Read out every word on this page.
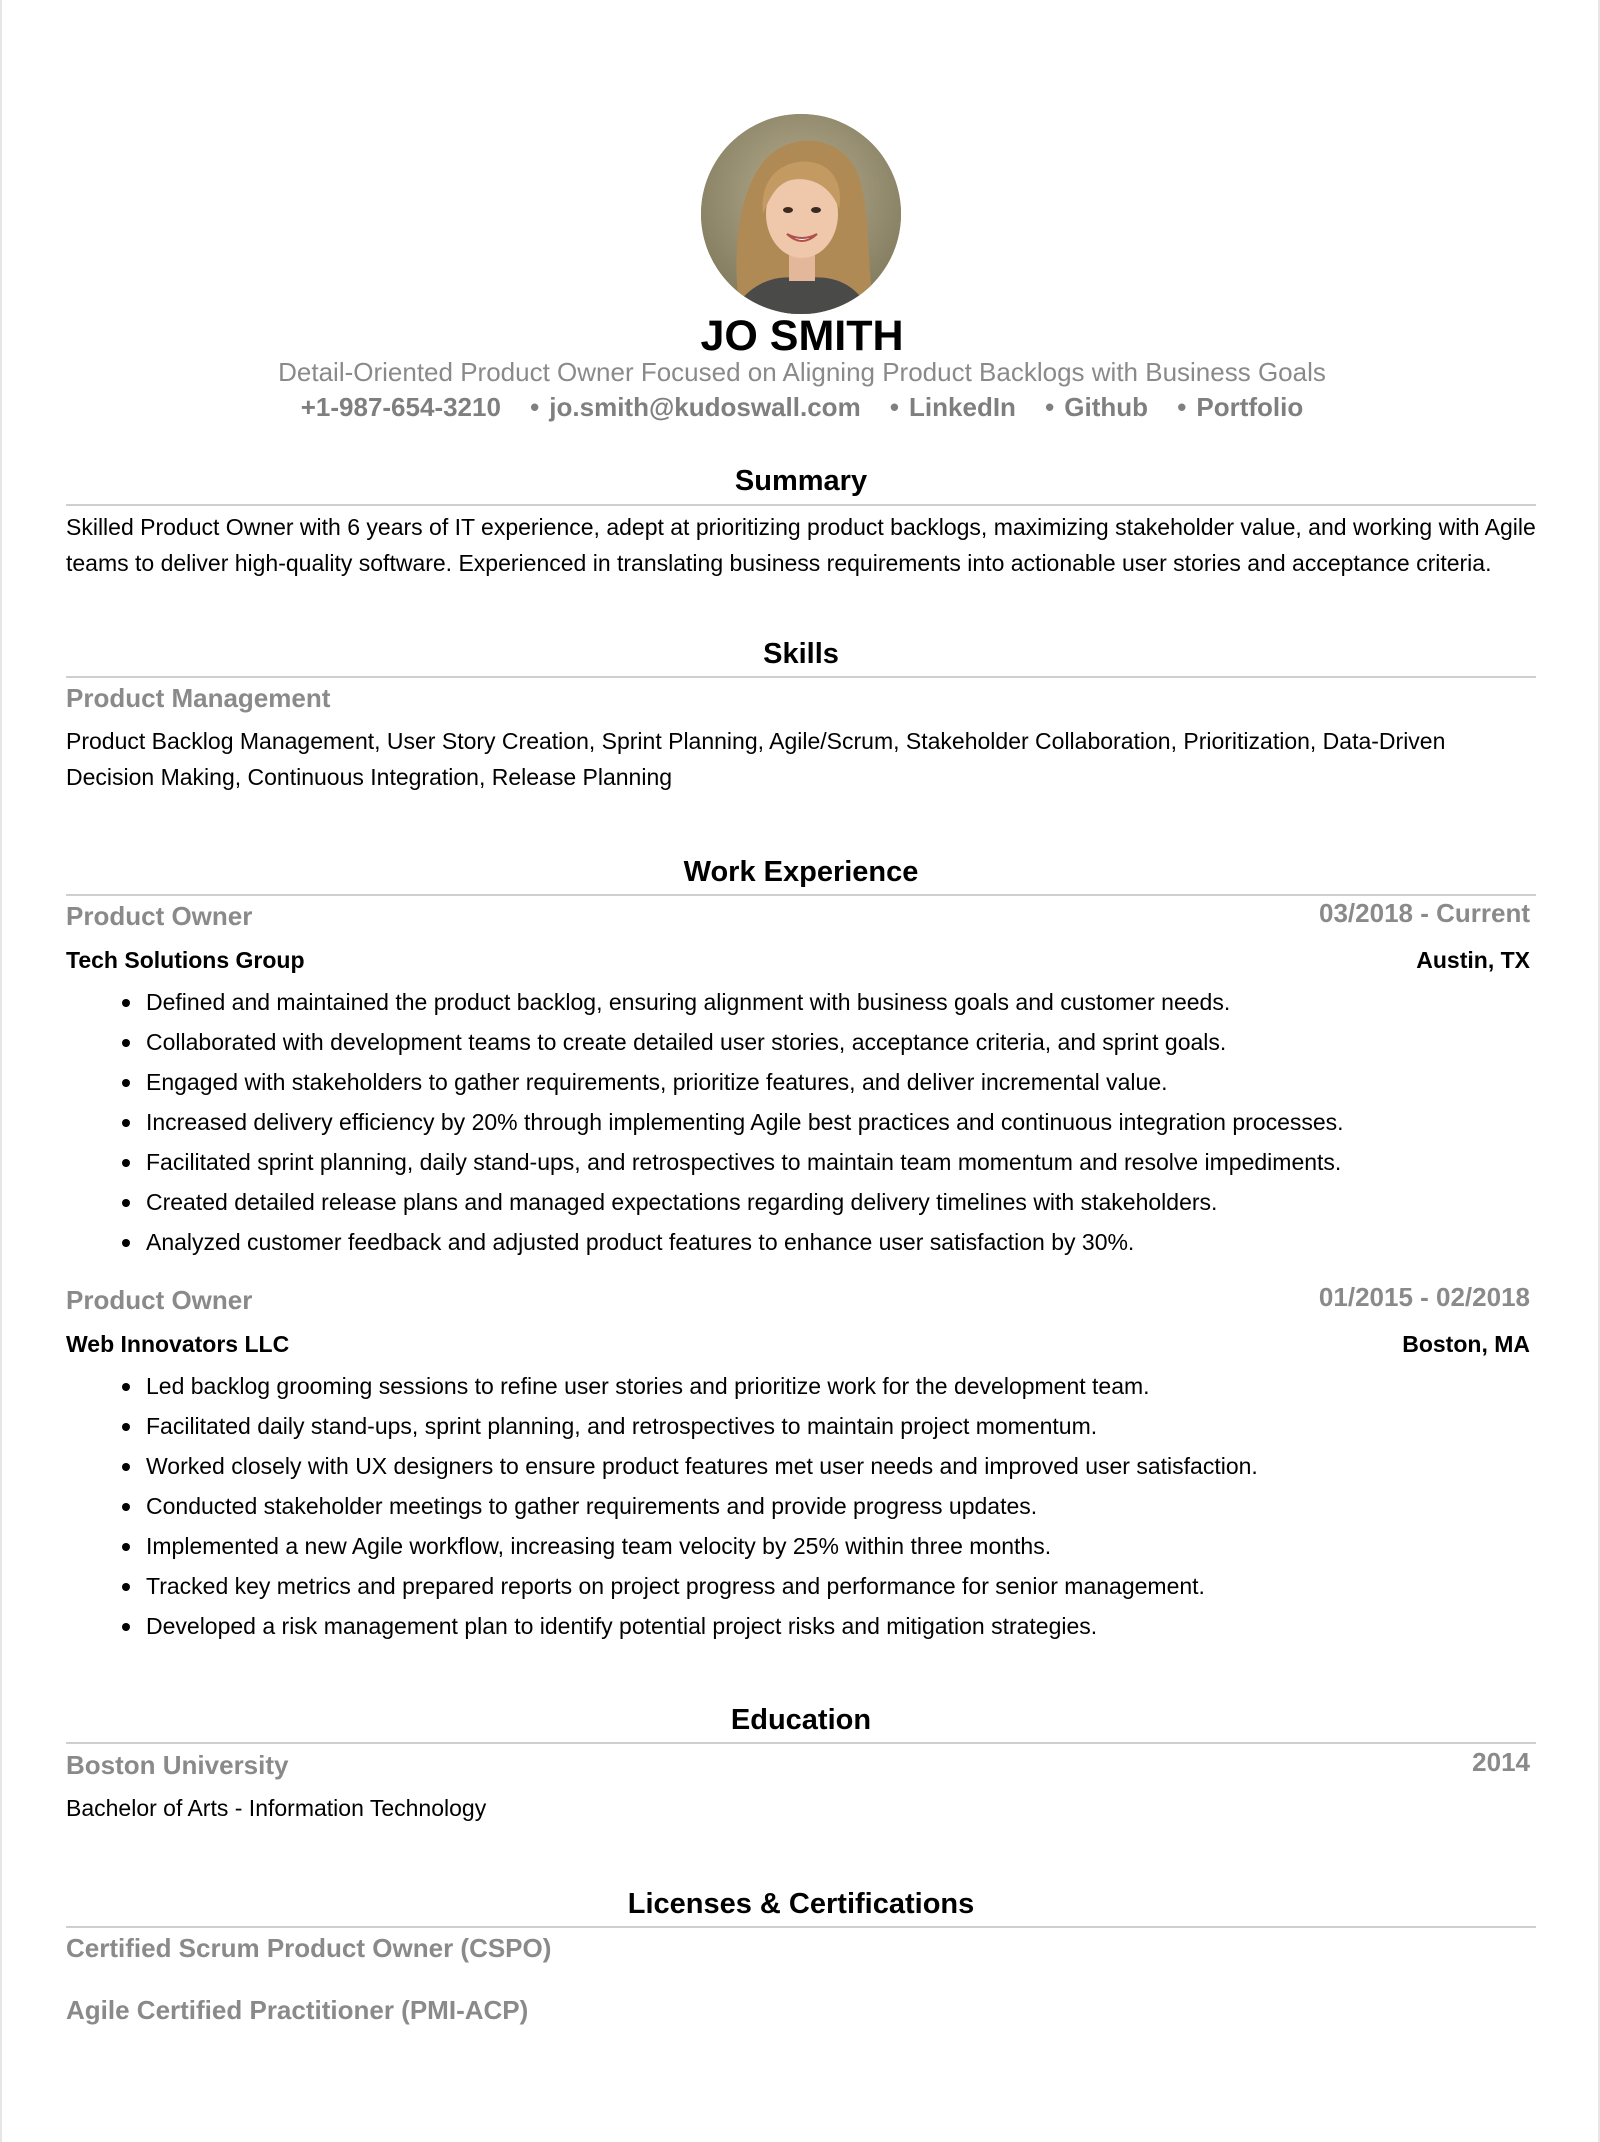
JO SMITH
Detail-Oriented Product Owner Focused on Aligning Product Backlogs with Business Goals
+1-987-654-3210 • jo.smith@kudoswall.com • LinkedIn • Github • Portfolio
Summary
Skilled Product Owner with 6 years of IT experience, adept at prioritizing product backlogs, maximizing stakeholder value, and working with Agile teams to deliver high-quality software. Experienced in translating business requirements into actionable user stories and acceptance criteria.
Skills
Product Management
Product Backlog Management, User Story Creation, Sprint Planning, Agile/Scrum, Stakeholder Collaboration, Prioritization, Data-Driven Decision Making, Continuous Integration, Release Planning
Work Experience
Product Owner	03/2018 - Current
Tech Solutions Group	Austin, TX
Defined and maintained the product backlog, ensuring alignment with business goals and customer needs.
Collaborated with development teams to create detailed user stories, acceptance criteria, and sprint goals.
Engaged with stakeholders to gather requirements, prioritize features, and deliver incremental value.
Increased delivery efficiency by 20% through implementing Agile best practices and continuous integration processes.
Facilitated sprint planning, daily stand-ups, and retrospectives to maintain team momentum and resolve impediments.
Created detailed release plans and managed expectations regarding delivery timelines with stakeholders.
Analyzed customer feedback and adjusted product features to enhance user satisfaction by 30%.
Product Owner	01/2015 - 02/2018
Web Innovators LLC	Boston, MA
Led backlog grooming sessions to refine user stories and prioritize work for the development team.
Facilitated daily stand-ups, sprint planning, and retrospectives to maintain project momentum.
Worked closely with UX designers to ensure product features met user needs and improved user satisfaction.
Conducted stakeholder meetings to gather requirements and provide progress updates.
Implemented a new Agile workflow, increasing team velocity by 25% within three months.
Tracked key metrics and prepared reports on project progress and performance for senior management.
Developed a risk management plan to identify potential project risks and mitigation strategies.
Education
Boston University	2014
Bachelor of Arts - Information Technology
Licenses & Certifications
Certified Scrum Product Owner (CSPO)
Agile Certified Practitioner (PMI-ACP)
